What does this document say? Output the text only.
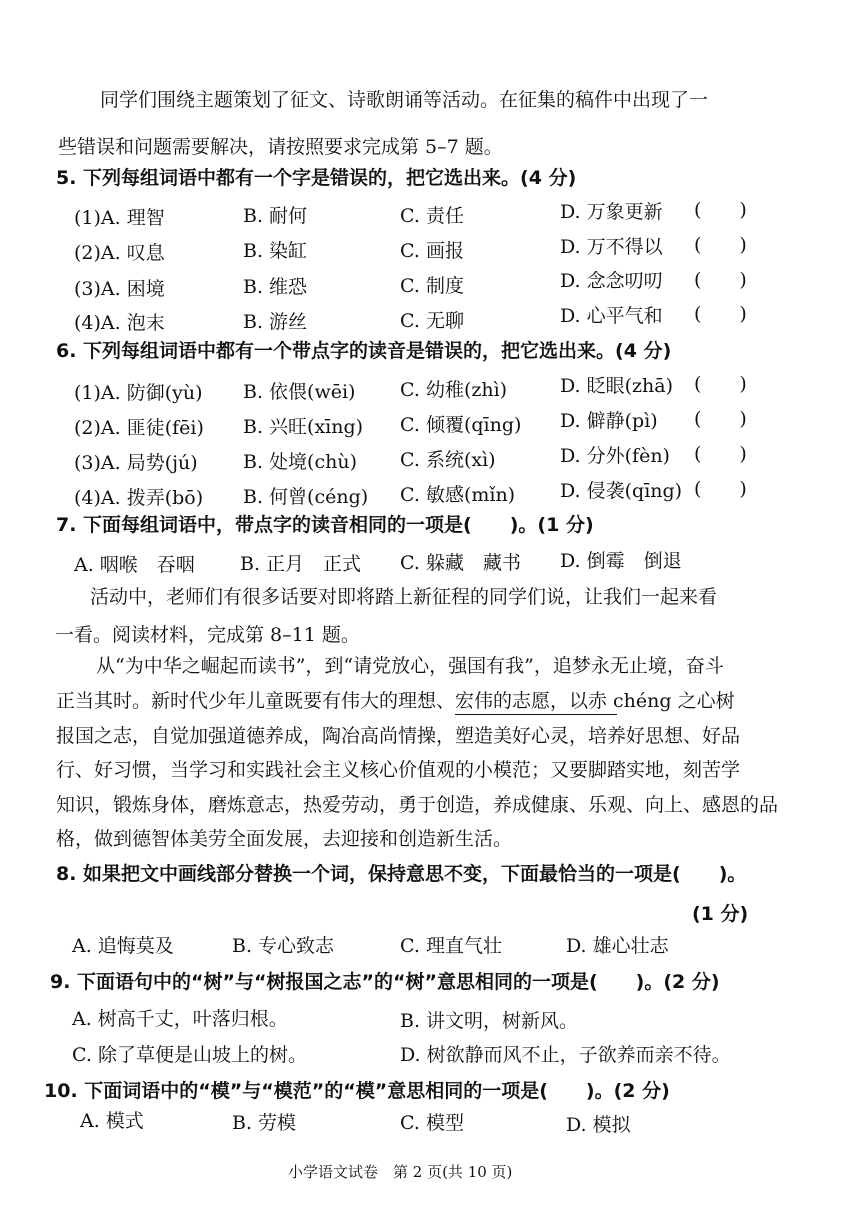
同学们围绕主题策划了征文、诗歌朗诵等活动。在征集的稿件中出现了一
些错误和问题需要解决，请按照要求完成第 5–7 题。
5. 下列每组词语中都有一个字是错误的，把它选出来。(4 分)
(1)A. 理智	B. 耐何	C. 责任	D. 万象更新 (　　)
(2)A. 叹息	B. 染缸	C. 画报	D. 万不得以 (　　)
(3)A. 困境	B. 维恐	C. 制度	D. 念念叨叨 (　　)
(4)A. 泡末	B. 游丝	C. 无聊	D. 心平气和 (　　)
6. 下列每组词语中都有一个带点字的读音是错误的，把它选出来。(4 分)
(1)A. 防御(yù) B. 依偎(wēi) C. 幼稚(zhì)	D. 眨眼(zhā) (　　)
(2)A. 匪徒(fēi) B. 兴旺(xīng) C. 倾覆(qīng) D. 僻静(pì) (　　)
(3)A. 局势(jú) B. 处境(chù) C. 系统(xì)	D. 分外(fèn) (　　)
(4)A. 拨弄(bō) B. 何曾(céng) C. 敏感(mǐn) D. 侵袭(qīng) (　　)
7. 下面每组词语中，带点字的读音相同的一项是(　　)。(1 分)
A. 咽喉　吞咽 B. 正月　正式 C. 躲藏　藏书 D. 倒霉　倒退
活动中，老师们有很多话要对即将踏上新征程的同学们说，让我们一起来看
一看。阅读材料，完成第 8–11 题。
从“为中华之崛起而读书”，到“请党放心，强国有我”，追梦永无止境，奋斗
正当其时。新时代少年儿童既要有伟大的理想、宏伟的志愿，以赤 chéng 之心树
报国之志，自觉加强道德养成，陶冶高尚情操，塑造美好心灵，培养好思想、好品
行、好习惯，当学习和实践社会主义核心价值观的小模范；又要脚踏实地，刻苦学
知识，锻炼身体，磨炼意志，热爱劳动，勇于创造，养成健康、乐观、向上、感恩的品
格，做到德智体美劳全面发展，去迎接和创造新生活。
8. 如果把文中画线部分替换一个词，保持意思不变，下面最恰当的一项是(　　)。
(1 分)
A. 追悔莫及	B. 专心致志	C. 理直气壮	D. 雄心壮志
9. 下面语句中的“树”与“树报国之志”的“树”意思相同的一项是(　　)。(2 分)
A. 树高千丈，叶落归根。	B. 讲文明，树新风。
C. 除了草便是山坡上的树。	D. 树欲静而风不止，子欲养而亲不待。
10. 下面词语中的“模”与“模范”的“模”意思相同的一项是(　　)。(2 分)
A. 模式	B. 劳模	C. 模型	D. 模拟
小学语文试卷　第 2 页(共 10 页)
